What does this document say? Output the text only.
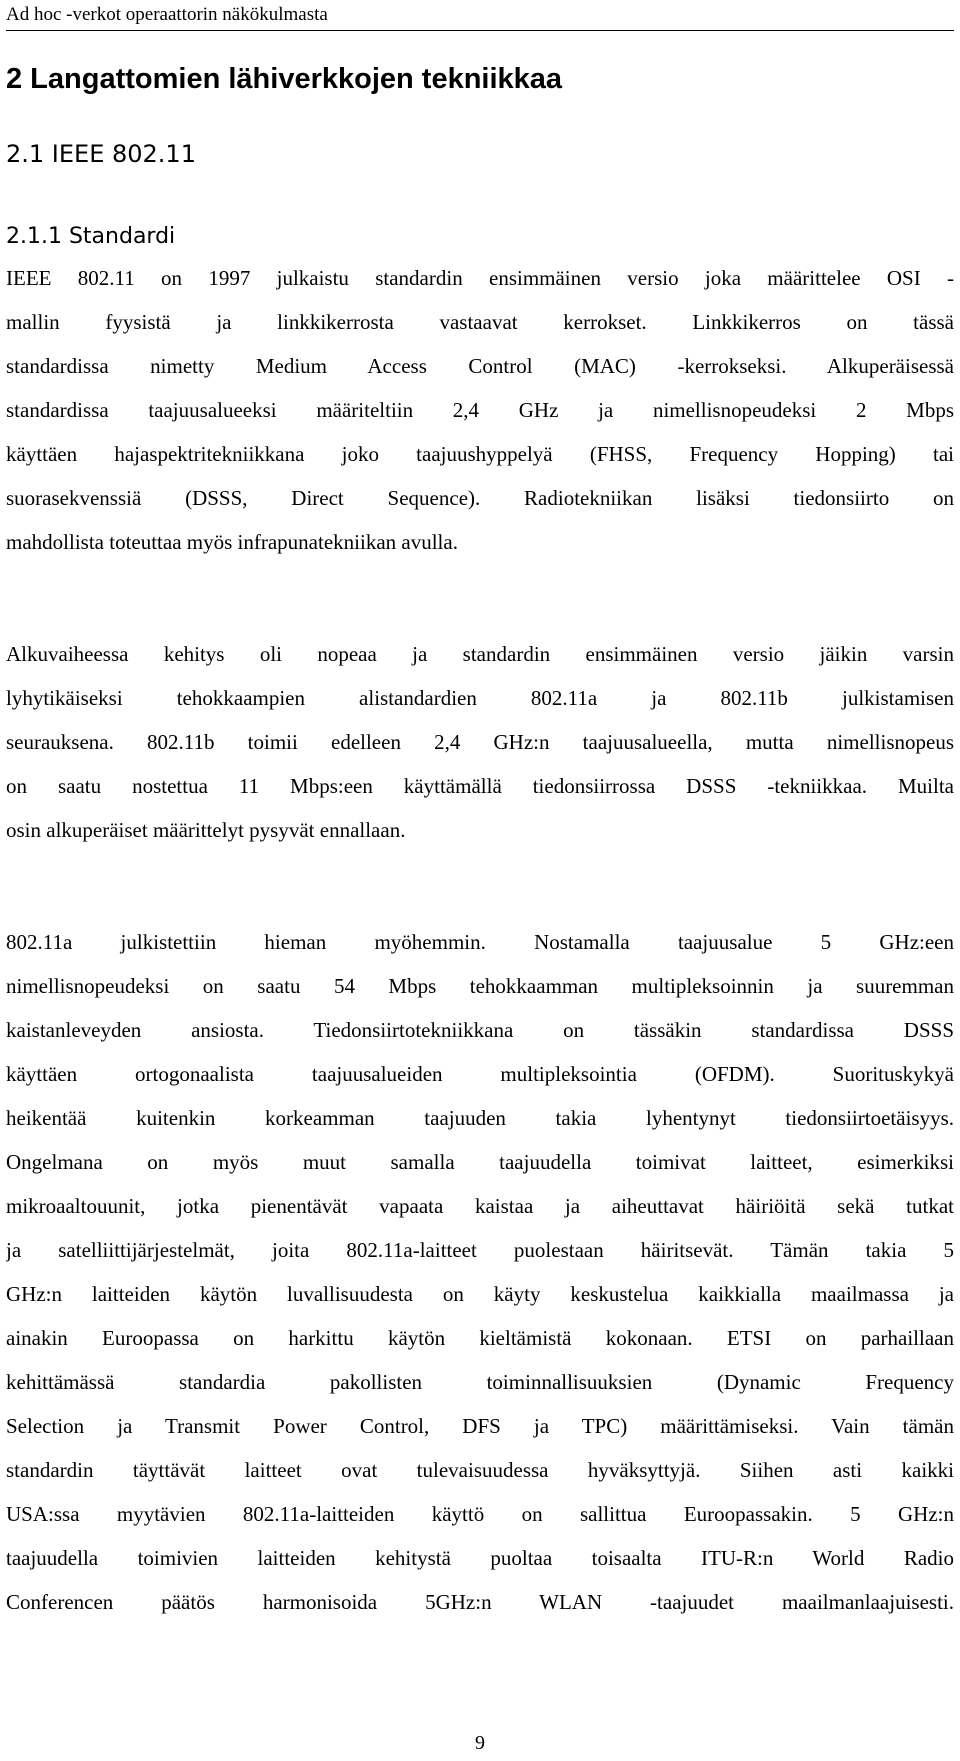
Ad hoc -verkot operaattorin näkökulmasta
2 Langattomien lähiverkkojen tekniikkaa
2.1 IEEE 802.11
2.1.1 Standardi
IEEE 802.11 on 1997 julkaistu standardin ensimmäinen versio joka määrittelee OSI -
mallin fyysistä ja linkkikerrosta vastaavat kerrokset. Linkkikerros on tässä
standardissa nimetty Medium Access Control (MAC) -kerrokseksi. Alkuperäisessä
standardissa taajuusalueeksi määriteltiin 2,4 GHz ja nimellisnopeudeksi 2 Mbps
käyttäen hajaspektritekniikkana joko taajuushyppelyä (FHSS, Frequency Hopping) tai
suorasekvenssiä (DSSS, Direct Sequence). Radiotekniikan lisäksi tiedonsiirto on
mahdollista toteuttaa myös infrapunatekniikan avulla.
Alkuvaiheessa kehitys oli nopeaa ja standardin ensimmäinen versio jäikin varsin
lyhytikäiseksi tehokkaampien alistandardien 802.11a ja 802.11b julkistamisen
seurauksena. 802.11b toimii edelleen 2,4 GHz:n taajuusalueella, mutta nimellisnopeus
on saatu nostettua 11 Mbps:een käyttämällä tiedonsiirrossa DSSS -tekniikkaa. Muilta
osin alkuperäiset määrittelyt pysyvät ennallaan.
802.11a julkistettiin hieman myöhemmin. Nostamalla taajuusalue 5 GHz:een
nimellisnopeudeksi on saatu 54 Mbps tehokkaamman multipleksoinnin ja suuremman
kaistanleveyden ansiosta. Tiedonsiirtotekniikkana on tässäkin standardissa DSSS
käyttäen ortogonaalista taajuusalueiden multipleksointia (OFDM). Suorituskykyä
heikentää kuitenkin korkeamman taajuuden takia lyhentynyt tiedonsiirtoetäisyys.
Ongelmana on myös muut samalla taajuudella toimivat laitteet, esimerkiksi
mikroaaltouunit, jotka pienentävät vapaata kaistaa ja aiheuttavat häiriöitä sekä tutkat
ja satelliittijärjestelmät, joita 802.11a-laitteet puolestaan häiritsevät. Tämän takia 5
GHz:n laitteiden käytön luvallisuudesta on käyty keskustelua kaikkialla maailmassa ja
ainakin Euroopassa on harkittu käytön kieltämistä kokonaan. ETSI on parhaillaan
kehittämässä standardia pakollisten toiminnallisuuksien (Dynamic Frequency
Selection ja Transmit Power Control, DFS ja TPC) määrittämiseksi. Vain tämän
standardin täyttävät laitteet ovat tulevaisuudessa hyväksyttyjä. Siihen asti kaikki
USA:ssa myytävien 802.11a-laitteiden käyttö on sallittua Euroopassakin. 5 GHz:n
taajuudella toimivien laitteiden kehitystä puoltaa toisaalta ITU-R:n World Radio
Conferencen päätös harmonisoida 5GHz:n WLAN -taajuudet maailmanlaajuisesti.
9
